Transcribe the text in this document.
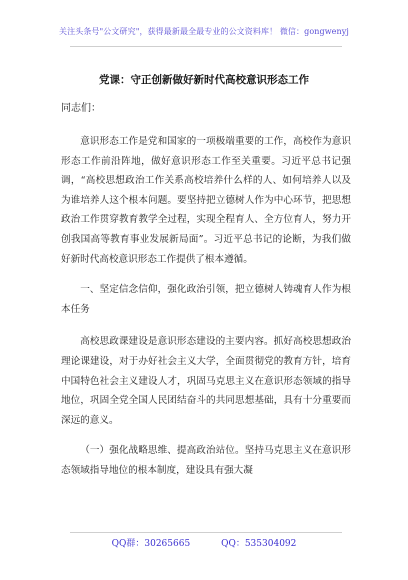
关注头条号"公文研究"，获得最新最全最专业的公文资料库！ 微信：gongwenyj
党课：守正创新做好新时代高校意识形态工作
同志们：

意识形态工作是党和国家的一项极端重要的工作，高校作为意识形态工作前沿阵地，做好意识形态工作至关重要。习近平总书记强调，“高校思想政治工作关系高校培养什么样的人、如何培养人以及为谁培养人这个根本问题。要坚持把立德树人作为中心环节，把思想政治工作贯穿教育教学全过程，实现全程育人、全方位育人，努力开创我国高等教育事业发展新局面”。习近平总书记的论断，为我们做好新时代高校意识形态工作提供了根本遵循。

一、坚定信念信仰，强化政治引领，把立德树人铸魂育人作为根本任务

高校思政课建设是意识形态建设的主要内容。抓好高校思想政治理论课建设，对于办好社会主义大学，全面贯彻党的教育方针，培育中国特色社会主义建设人才，巩固马克思主义在意识形态领域的指导地位，巩固全党全国人民团结奋斗的共同思想基础，具有十分重要而深远的意义。

（一）强化战略思维、提高政治站位。坚持马克思主义在意识形态领域指导地位的根本制度，建设具有强大凝

QQ群：30265665	QQ：535304092
